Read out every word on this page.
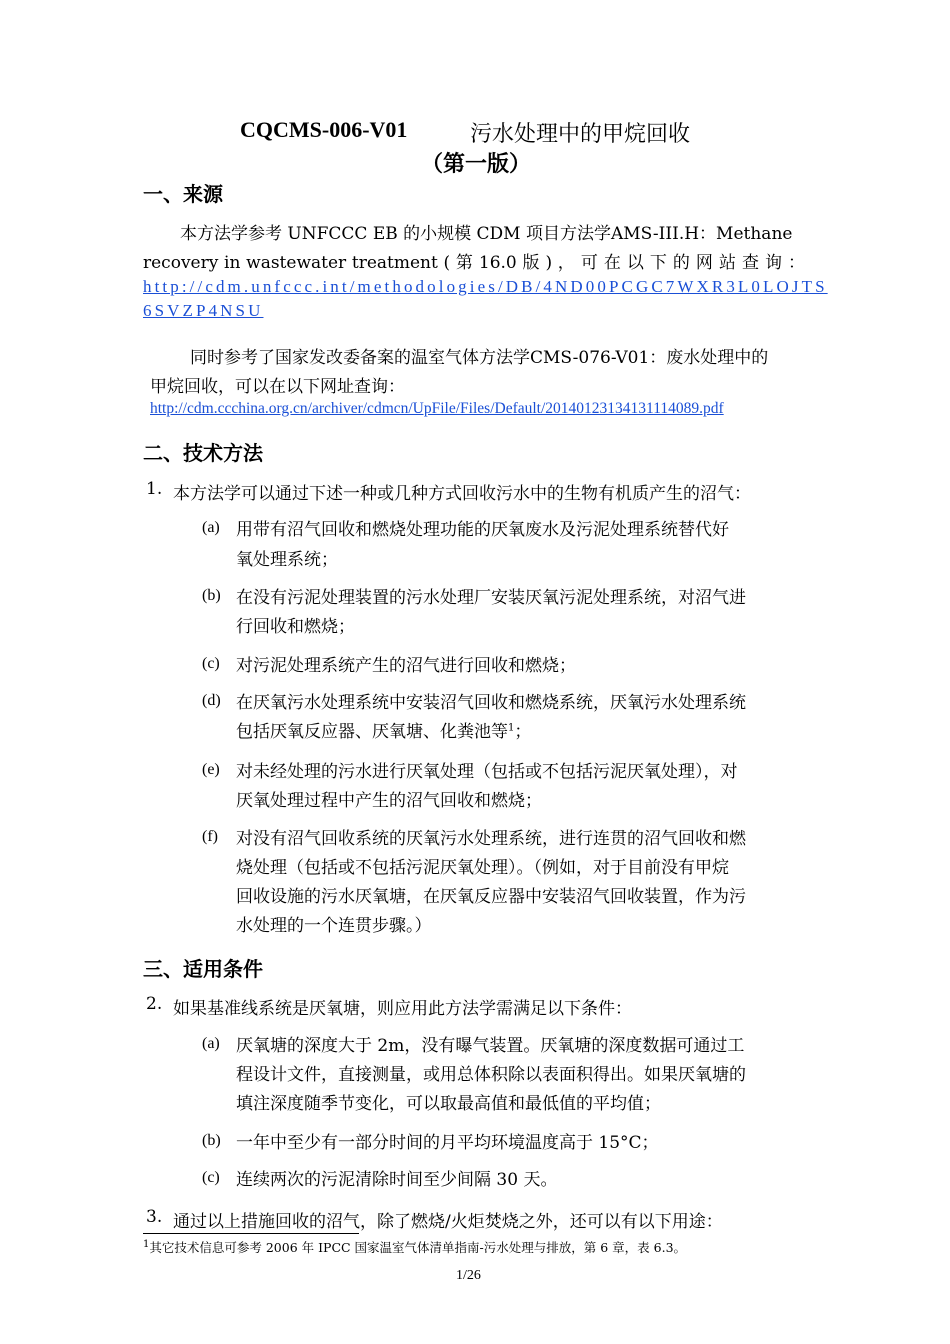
CQCMS-006-V01	污水处理中的甲烷回收
（第一版）
一、来源
本方法学参考 UNFCCC EB 的小规模 CDM 项目方法学AMS-III.H：Methane
recovery in wastewater treatment ( 第 16.0 版 ) ， 可 在 以 下 的 网 站 查 询 ：
http://cdm.unfccc.int/methodologies/DB/4ND00PCGC7WXR3L0LOJTS
6SVZP4NSU
同时参考了国家发改委备案的温室气体方法学CMS-076-V01：废水处理中的
甲烷回收，可以在以下网址查询：
http://cdm.ccchina.org.cn/archiver/cdmcn/UpFile/Files/Default/20140123134131114089.pdf
二、技术方法
1. 本方法学可以通过下述一种或几种方式回收污水中的生物有机质产生的沼气：
(a) 用带有沼气回收和燃烧处理功能的厌氧废水及污泥处理系统替代好
氧处理系统；
(b) 在没有污泥处理装置的污水处理厂安装厌氧污泥处理系统，对沼气进
行回收和燃烧；
(c) 对污泥处理系统产生的沼气进行回收和燃烧；
(d) 在厌氧污水处理系统中安装沼气回收和燃烧系统，厌氧污水处理系统
包括厌氧反应器、厌氧塘、化粪池等$^1$；
(e) 对未经处理的污水进行厌氧处理（包括或不包括污泥厌氧处理），对
厌氧处理过程中产生的沼气回收和燃烧；
(f) 对没有沼气回收系统的厌氧污水处理系统，进行连贯的沼气回收和燃
烧处理（包括或不包括污泥厌氧处理）。（例如，对于目前没有甲烷
回收设施的污水厌氧塘，在厌氧反应器中安装沼气回收装置，作为污
水处理的一个连贯步骤。）
三、适用条件
2. 如果基准线系统是厌氧塘，则应用此方法学需满足以下条件：
(a) 厌氧塘的深度大于 2m，没有曝气装置。厌氧塘的深度数据可通过工
程设计文件，直接测量，或用总体积除以表面积得出。如果厌氧塘的
填注深度随季节变化，可以取最高值和最低值的平均值；
(b) 一年中至少有一部分时间的月平均环境温度高于 15°C；
(c) 连续两次的污泥清除时间至少间隔 30 天。
3. 通过以上措施回收的沼气，除了燃烧/火炬焚烧之外，还可以有以下用途：
$^1$其它技术信息可参考 2006 年 IPCC 国家温室气体清单指南-污水处理与排放，第 6 章，表 6.3。
1/26
